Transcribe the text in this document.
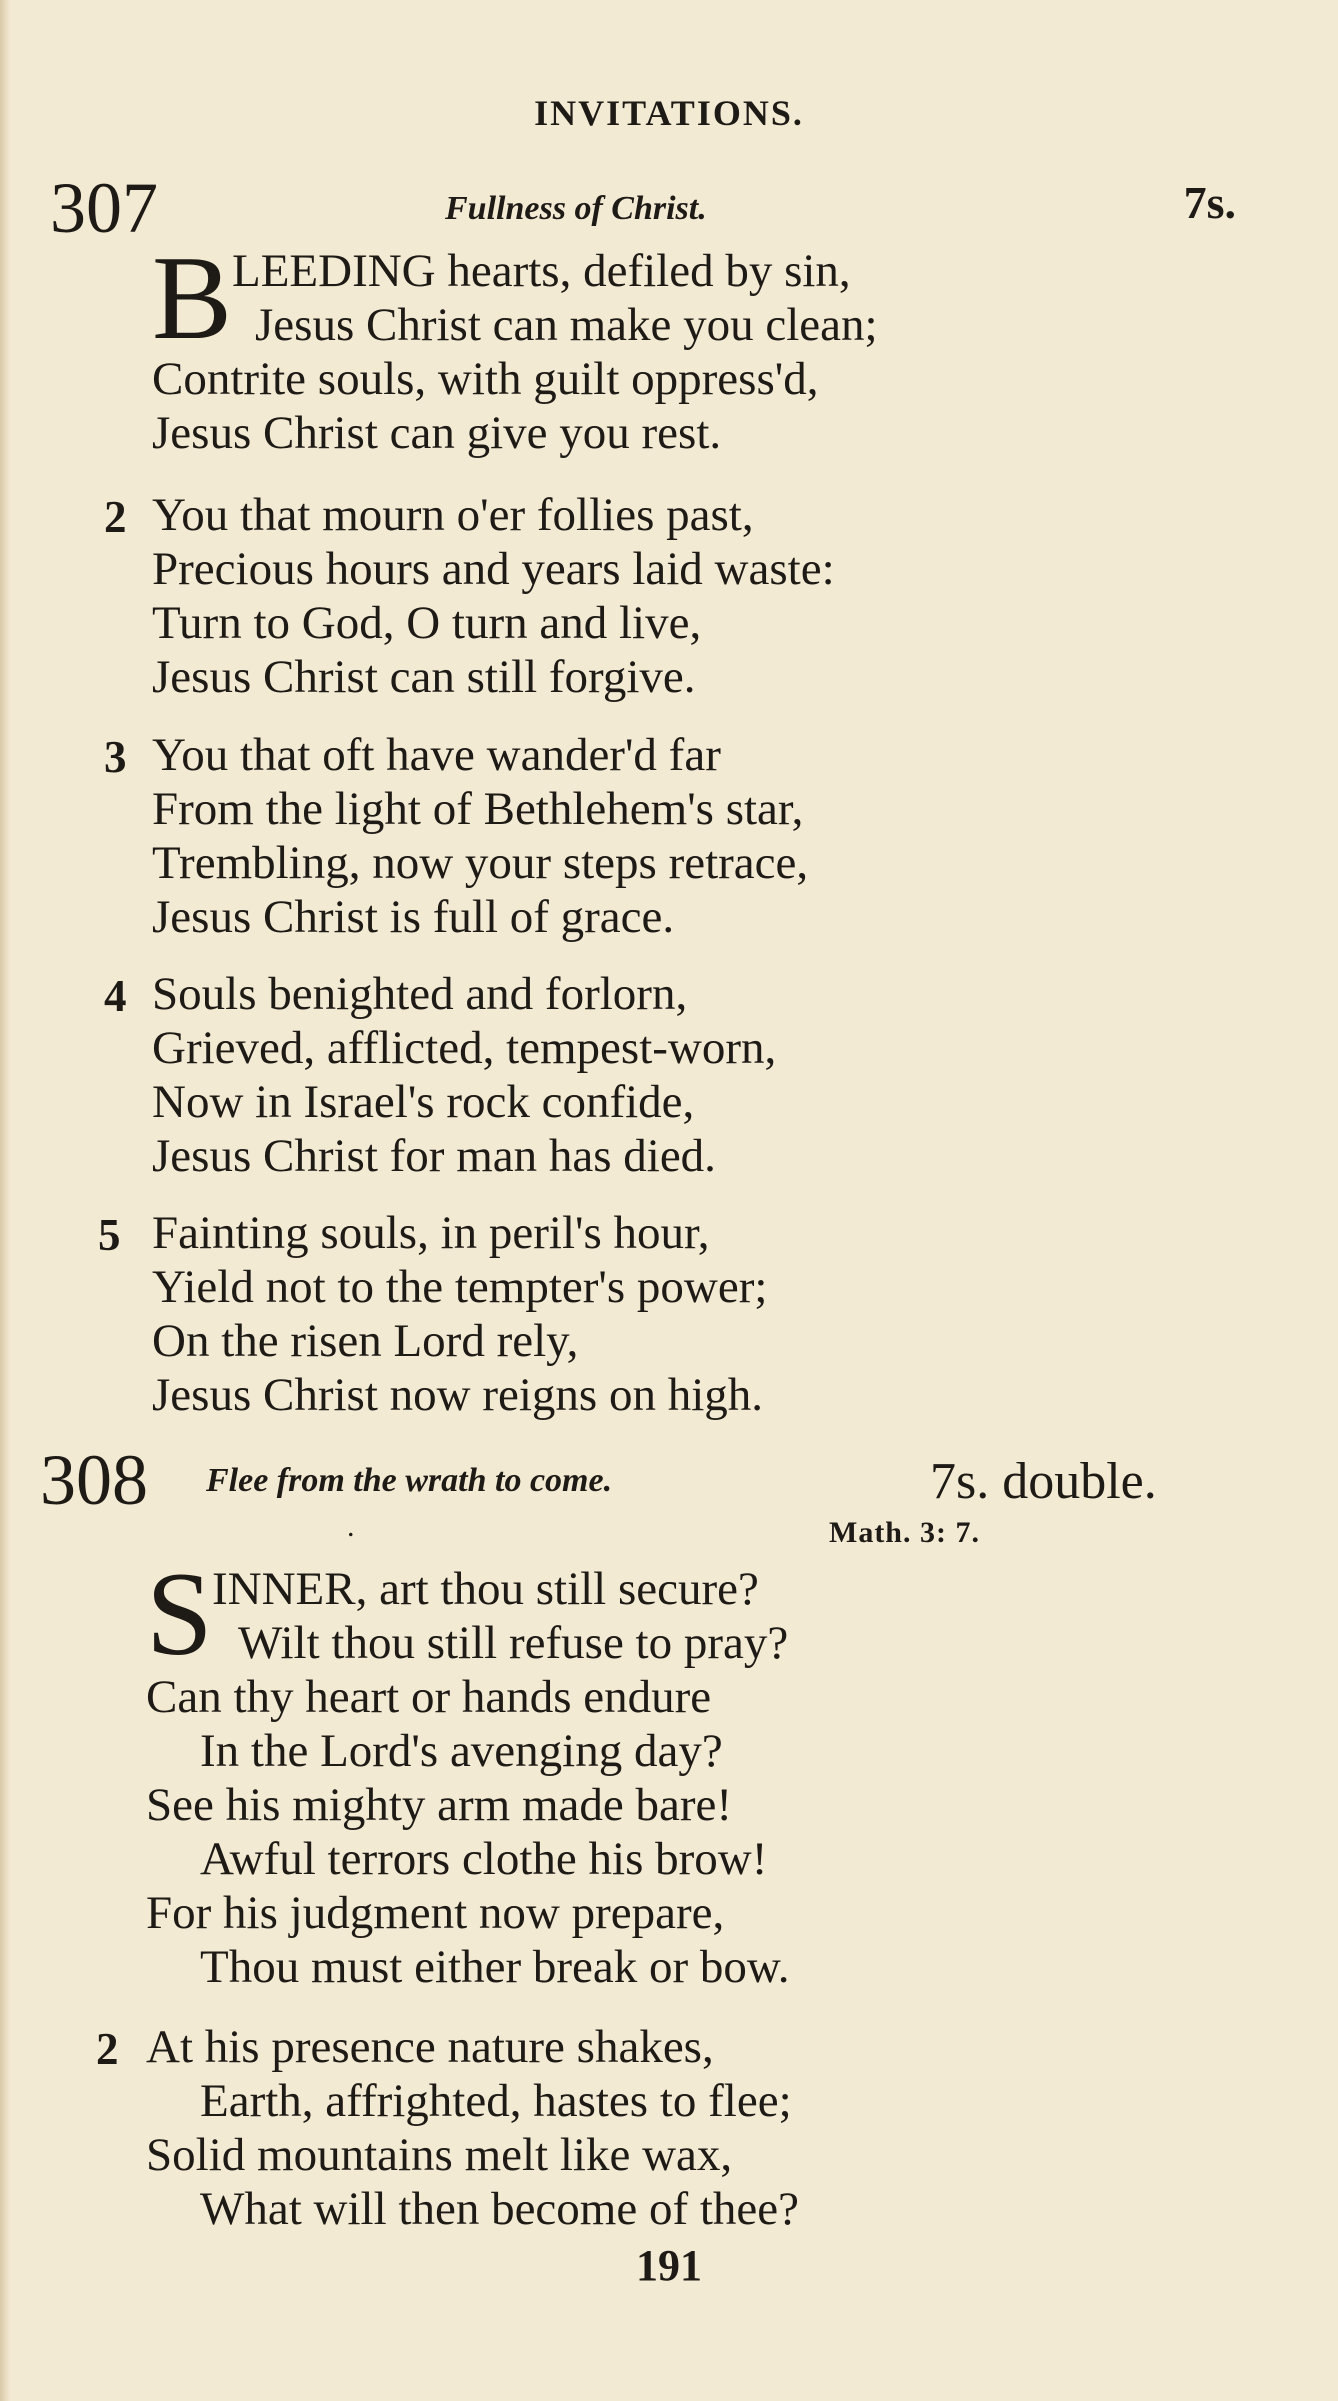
INVITATIONS.
307	Fullness of Christ.	7s.
B LEEDING hearts, defiled by sin,
Jesus Christ can make you clean;
Contrite souls, with guilt oppress'd,
Jesus Christ can give you rest.
2 You that mourn o'er follies past,
Precious hours and years laid waste:
Turn to God, O turn and live,
Jesus Christ can still forgive.
3 You that oft have wander'd far
From the light of Bethlehem's star,
Trembling, now your steps retrace,
Jesus Christ is full of grace.
4 Souls benighted and forlorn,
Grieved, afflicted, tempest-worn,
Now in Israel's rock confide,
Jesus Christ for man has died.
5 Fainting souls, in peril's hour,
Yield not to the tempter's power;
On the risen Lord rely,
Jesus Christ now reigns on high.
308 Flee from the wrath to come.	7s. double.
.	Math. 3: 7.
S INNER, art thou still secure?
Wilt thou still refuse to pray?
Can thy heart or hands endure
In the Lord's avenging day?
See his mighty arm made bare!
Awful terrors clothe his brow!
For his judgment now prepare,
Thou must either break or bow.
2 At his presence nature shakes,
Earth, affrighted, hastes to flee;
Solid mountains melt like wax,
What will then become of thee?
191
